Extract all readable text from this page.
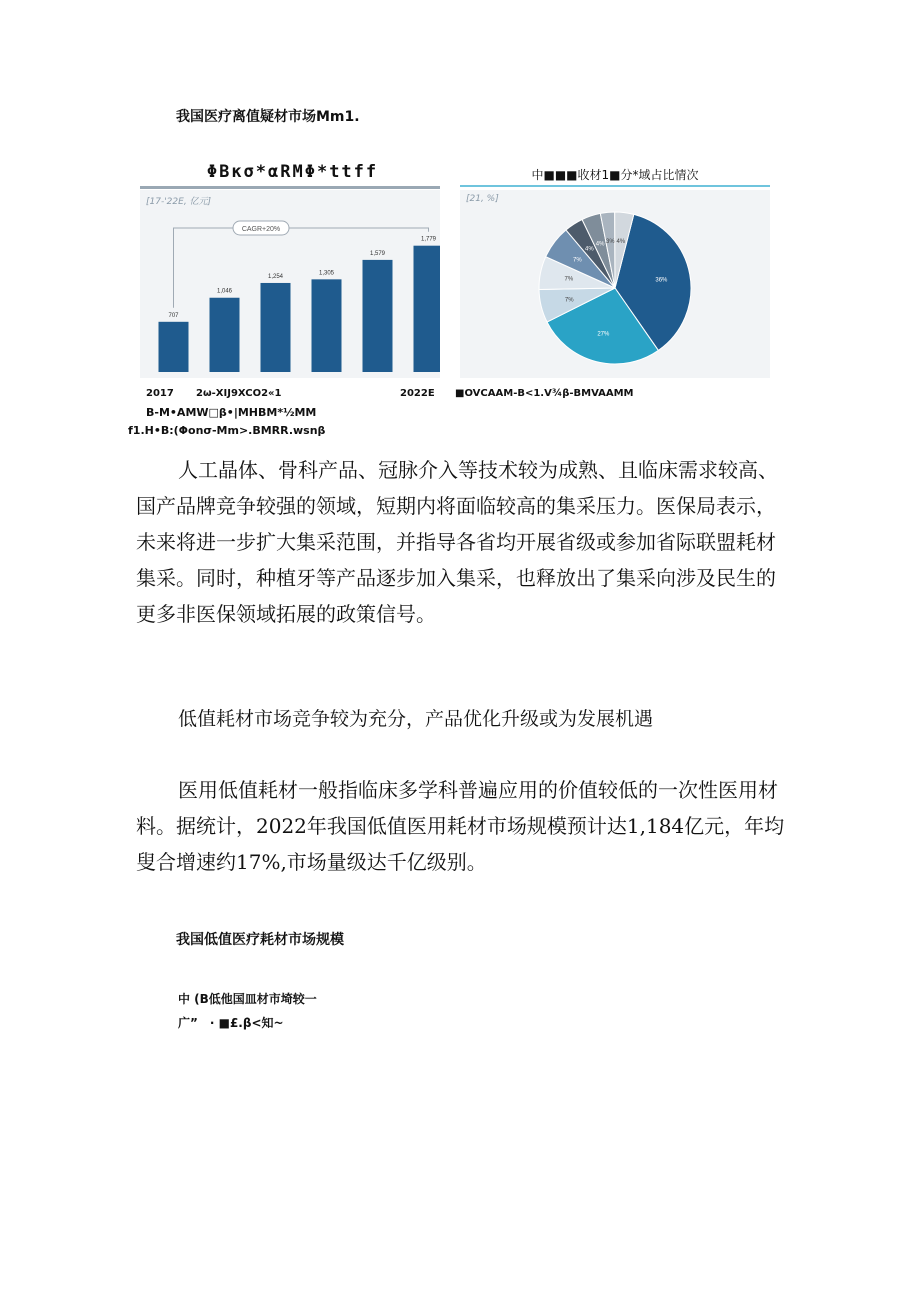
我国医疗离值疑材市场Mm1.
ΦBκσ*αRMΦ*ttff
[17-'22E, 亿元]
707
1,046
1,254
1,305
1,579
1,779
CAGR+20%
中■■■收材1■分*域占比情次
[21, %]
36%
27%
7%
7%
7%
4%
4% 3% 4%
2017 2ω-XIJ9XCO2«1	2022E ■OVCAAM-B<1.V¾β-BMVAAMM
B-M•AMW□β•|MHBM*½MM
f1.H•B:(Φonσ-Mm>.BMRR.wsnβ

人工晶体、骨科产品、冠脉介入等技术较为成熟、且临床需求较高、国产品牌竞争较强的领域，短期内将面临较高的集采压力。医保局表示，未来将进一步扩大集采范围，并指导各省均开展省级或参加省际联盟耗材集采。同时，种植牙等产品逐步加入集采，也释放出了集采向涉及民生的更多非医保领域拓展的政策信号。

低值耗材市场竞争较为充分，产品优化升级或为发展机遇

医用低值耗材一般指临床多学科普遍应用的价值较低的一次性医用材料。据统计，2022年我国低值医用耗材市场规模预计达1,184亿元，年均叟合增速约17%,市场量级达千亿级别。

我国低值医疗耗材市场规模
中 (B低他国皿材市埼较一
广”　· ■£.β<知~
